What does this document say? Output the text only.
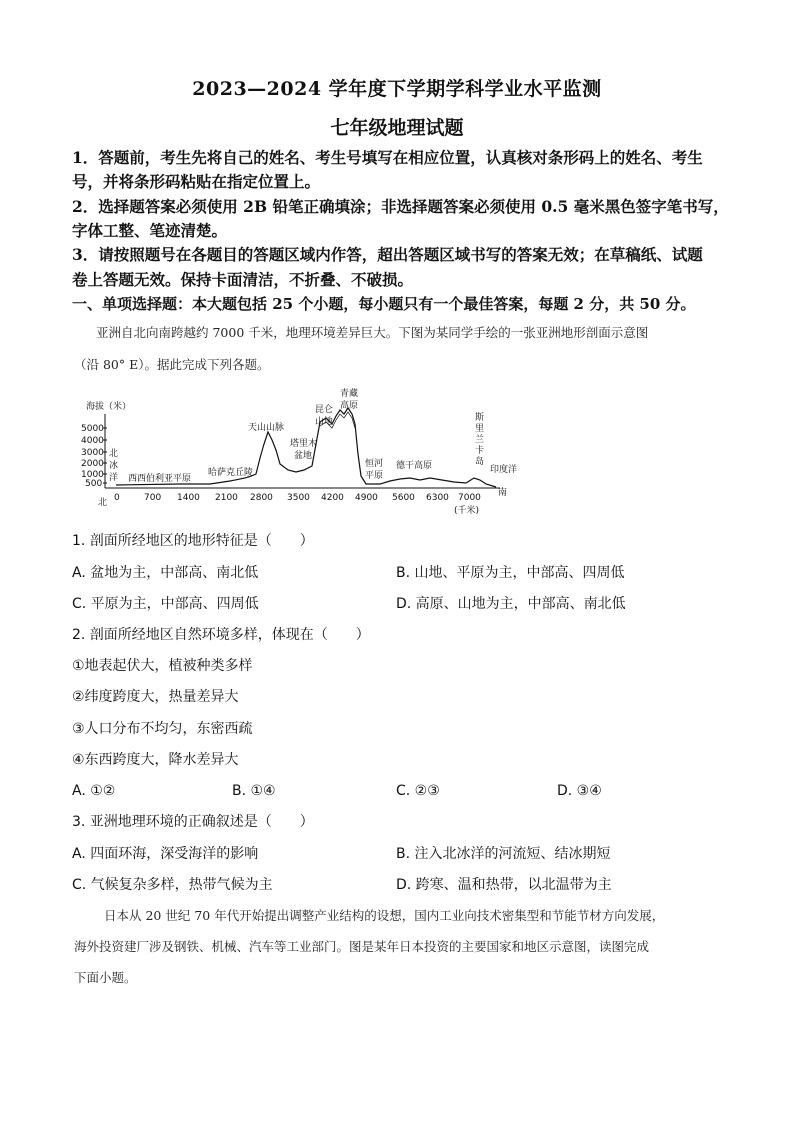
2023—2024 学年度下学期学科学业水平监测
七年级地理试题
1．答题前，考生先将自己的姓名、考生号填写在相应位置，认真核对条形码上的姓名、考生
号，并将条形码粘贴在指定位置上。
2．选择题答案必须使用 2B 铅笔正确填涂；非选择题答案必须使用 0.5 毫米黑色签字笔书写，
字体工整、笔迹清楚。
3．请按照题号在各题目的答题区域内作答，超出答题区域书写的答案无效；在草稿纸、试题
卷上答题无效。保持卡面清洁，不折叠、不破损。
一、单项选择题：本大题包括 25 个小题，每小题只有一个最佳答案，每题 2 分，共 50 分。
亚洲自北向南跨越约 7000 千米，地理环境差异巨大。下图为某同学手绘的一张亚洲地形剖面示意图
（沿 80° E）。据此完成下列各题。
海拔（米）
5000
4000
3000
2000
1000
500
0	700 1400 2100 2800 3500 4200 4900 5600 6300 7000
(千米)
北
南
北
冰
洋
印度洋
西西伯利亚平原
哈萨克丘陵
天山山脉
塔里木
盆地
昆仑
山地
青藏
高原
恒河
平原
德干高原
斯
里
兰
卡
岛
1. 剖面所经地区的地形特征是（　　）
A. 盆地为主，中部高、南北低	B. 山地、平原为主，中部高、四周低
C. 平原为主，中部高、四周低	D. 高原、山地为主，中部高、南北低
2. 剖面所经地区自然环境多样，体现在（　　）
①地表起伏大，植被种类多样
②纬度跨度大，热量差异大
③人口分布不均匀，东密西疏
④东西跨度大，降水差异大
A. ①②	B. ①④	C. ②③	D. ③④
3. 亚洲地理环境的正确叙述是（　　）
A. 四面环海，深受海洋的影响	B. 注入北冰洋的河流短、结冰期短
C. 气候复杂多样，热带气候为主	D. 跨寒、温和热带，以北温带为主
日本从 20 世纪 70 年代开始提出调整产业结构的设想，国内工业向技术密集型和节能节材方向发展，
海外投资建厂涉及钢铁、机械、汽车等工业部门。图是某年日本投资的主要国家和地区示意图，读图完成
下面小题。
